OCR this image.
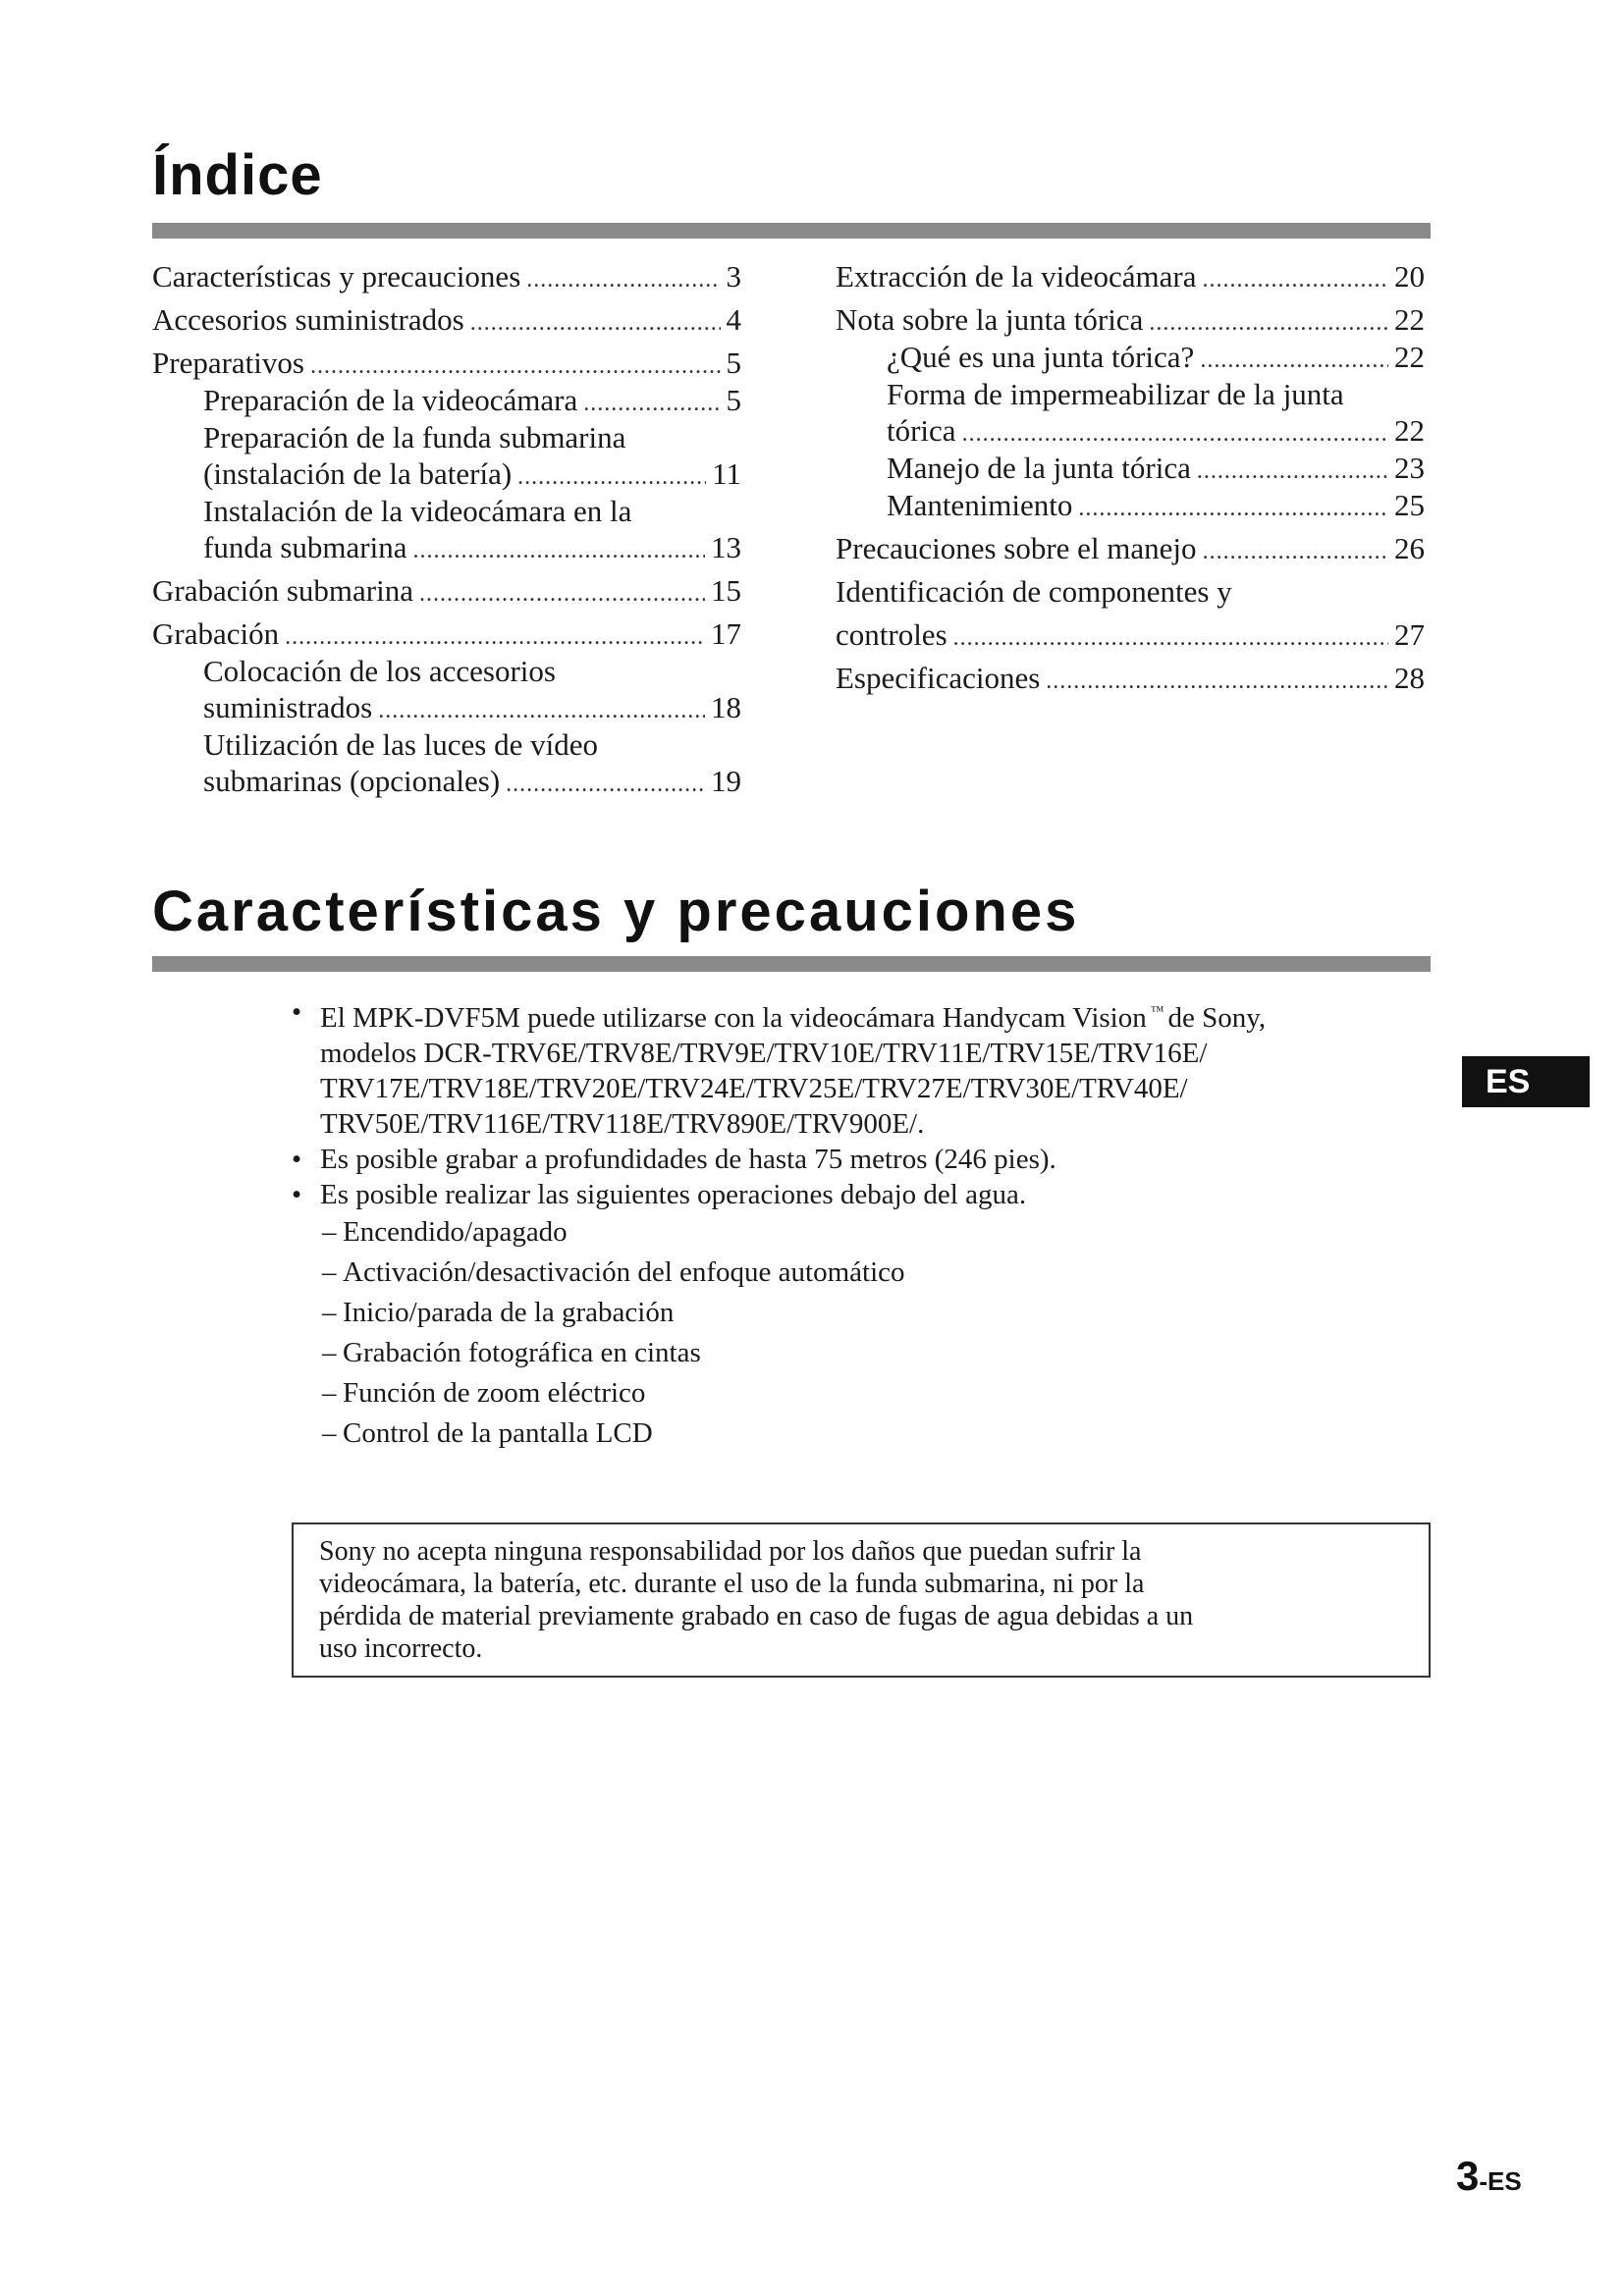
Índice
Características y precauciones .....	3
Accesorios suministrados .....	4
Preparativos .....	5
Preparación de la videocámara .....	5
Preparación de la funda submarina
(instalación de la batería) .....	11
Instalación de la videocámara en la
funda submarina .....	13
Grabación submarina .....	15
Grabación .....	17
Colocación de los accesorios
suministrados .....	18
Utilización de las luces de vídeo
submarinas (opcionales) .....	19
Extracción de la videocámara .....	20
Nota sobre la junta tórica .....	22
¿Qué es una junta tórica? .....	22
Forma de impermeabilizar de la junta
tórica .....	22
Manejo de la junta tórica .....	23
Mantenimiento .....	25
Precauciones sobre el manejo .....	26
Identificación de componentes y
controles .....	27
Especificaciones .....	28
Características y precauciones
• El MPK-DVF5M puede utilizarse con la videocámara Handycam Vision ™ de Sony,
modelos DCR-TRV6E/TRV8E/TRV9E/TRV10E/TRV11E/TRV15E/TRV16E/
TRV17E/TRV18E/TRV20E/TRV24E/TRV25E/TRV27E/TRV30E/TRV40E/
TRV50E/TRV116E/TRV118E/TRV890E/TRV900E/.
• Es posible grabar a profundidades de hasta 75 metros (246 pies).
• Es posible realizar las siguientes operaciones debajo del agua.
– Encendido/apagado
– Activación/desactivación del enfoque automático
– Inicio/parada de la grabación
– Grabación fotográfica en cintas
– Función de zoom eléctrico
– Control de la pantalla LCD
Sony no acepta ninguna responsabilidad por los daños que puedan sufrir la
videocámara, la batería, etc. durante el uso de la funda submarina, ni por la
pérdida de material previamente grabado en caso de fugas de agua debidas a un
uso incorrecto.
ES
3-ES
